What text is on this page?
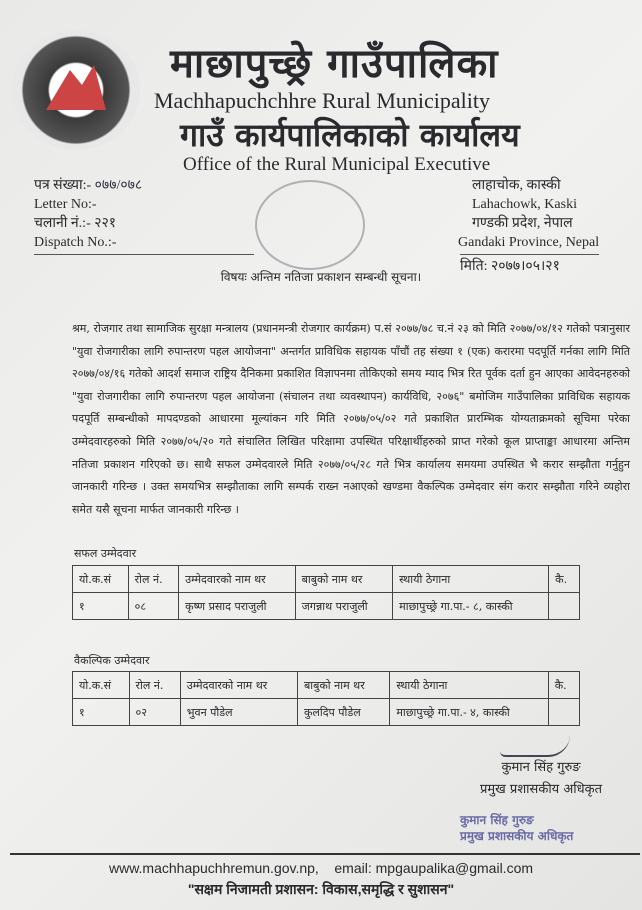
माछापुच्छ्रे गाउँपालिका
Machhapuchchhre Rural Municipality
गाउँ कार्यपालिकाको कार्यालय
Office of the Rural Municipal Executive
पत्र संख्या:- ०७७/०७८
Letter No:-
चलानी नं.:- २२१
Dispatch No.:-
लाहाचोक, कास्की
Lahachowk, Kaski
गण्डकी प्रदेश, नेपाल
Gandaki Province, Nepal
मिति: २०७७।०५।२१
विषयः अन्तिम नतिजा प्रकाशन सम्बन्धी सूचना।
श्रम, रोजगार तथा सामाजिक सुरक्षा मन्त्रालय (प्रधानमन्त्री रोजगार कार्यक्रम) प.सं २०७७/७८ च.नं २३ को मिति २०७७/०४/१२ गतेको पत्रानुसार "युवा रोजगारीका लागि रुपान्तरण पहल आयोजना" अन्तर्गत प्राविधिक सहायक पाँचौं तह संख्या १ (एक) करारमा पदपूर्ति गर्नका लागि मिति २०७७/०४/१६ गतेको आदर्श समाज राष्ट्रिय दैनिकमा प्रकाशित विज्ञापनमा तोकिएको समय म्याद भित्र रित पूर्वक दर्ता हुन आएका आवेदनहरुको "युवा रोजगारीका लागि रुपान्तरण पहल आयोजना (संचालन तथा व्यवस्थापन) कार्यविधि, २०७६" बमोजिम गाउँपालिका प्राविधिक सहायक पदपूर्ति सम्बन्धीको मापदण्डको आधारमा मूल्यांकन गरि मिति २०७७/०५/०२ गते प्रकाशित प्रारम्भिक योग्यताक्रमको सूचिमा परेका उम्मेदवारहरुको मिति २०७७/०५/२० गते संचालित लिखित परिक्षामा उपस्थित परिक्षार्थीहरुको प्राप्त गरेको कूल प्राप्ताङ्का आधारमा अन्तिम नतिजा प्रकाशन गरिएको छ। साथै सफल उम्मेदवारले मिति २०७७/०५/२८ गते भित्र कार्यालय समयमा उपस्थित भै करार सम्झौता गर्नुहुन जानकारी गरिन्छ । उक्त समयभित्र सम्झौताका लागि सम्पर्क राख्न नआएको खण्डमा वैकल्पिक उम्मेदवार संग करार सम्झौता गरिने व्यहोरा समेत यसै सूचना मार्फत जानकारी गरिन्छ ।
सफल उम्मेदवार
यो.क.सं	रोल नं.	उम्मेदवारको नाम थर	बाबुको नाम थर	स्थायी ठेगाना	कै.
१	०८	कृष्ण प्रसाद पराजुली	जगन्नाथ पराजुली	माछापुच्छ्रे गा.पा.- ८, कास्की	
वैकल्पिक उम्मेदवार
यो.क.सं	रोल नं.	उम्मेदवारको नाम थर	बाबुको नाम थर	स्थायी ठेगाना	कै.
१	०२	भुवन पौडेल	कुलदिप पौडेल	माछापुच्छ्रे गा.पा.- ४, कास्की	
कुमान सिंह गुरुङ
प्रमुख प्रशासकीय अधिकृत
कुमान सिंह गुरुङ
प्रमुख प्रशासकीय अधिकृत
www.machhapuchhremun.gov.np, email: mpgaupalika@gmail.com
"सक्षम निजामती प्रशासन: विकास,समृद्धि र सुशासन"
